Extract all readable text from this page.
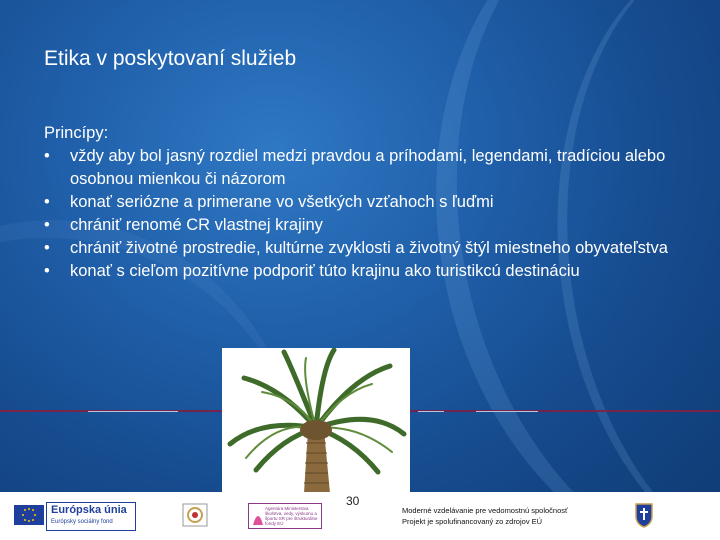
Etika v poskytovaní služieb
Princípy:
• vždy aby bol jasný rozdiel medzi pravdou a príhodami, legendami, tradíciou alebo osobnou mienkou či názorom
• konať seriózne a primerane vo všetkých vzťahoch s ľuďmi
• chrániť renomé CR vlastnej krajiny
• chrániť životné prostredie, kultúrne zvyklosti a životný štýl miestneho obyvateľstva
• konať s cieľom pozitívne podporiť túto krajinu ako turistikcú destináciu
Európska únia
Európsky sociálny fond
Agentúra Ministerstva školstva, vedy, výskumu a športu SR pre štrukturálne fondy EÚ
30
Moderné vzdelávanie pre vedomostnú spoločnosť
Projekt je spolufinancovaný zo zdrojov EÚ
